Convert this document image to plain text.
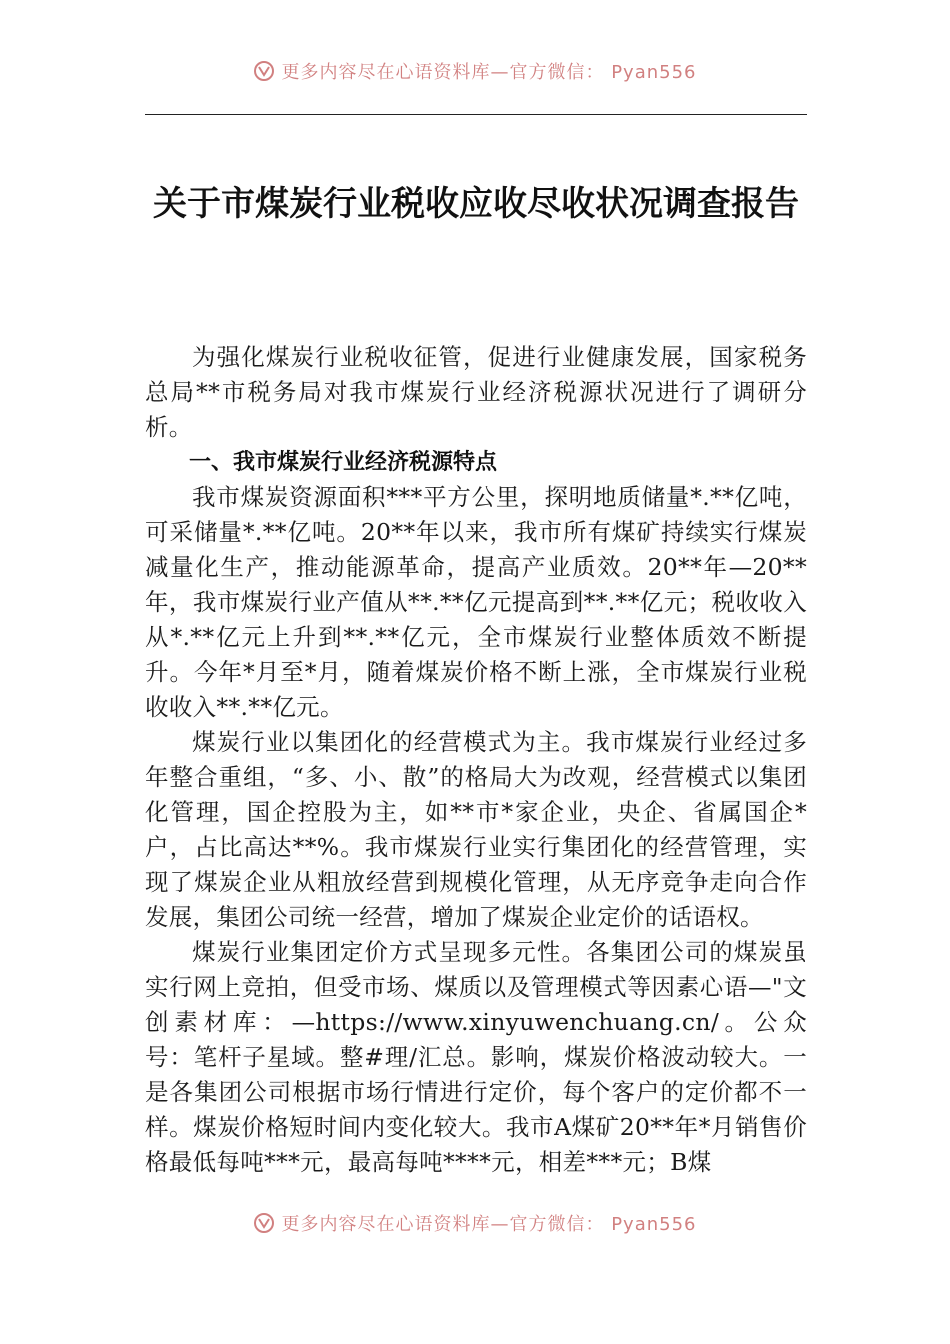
更多内容尽在心语资料库—官方微信： Pyan556
关于市煤炭行业税收应收尽收状况调查报告

为强化煤炭行业税收征管，促进行业健康发展，国家税务总局**市税务局对我市煤炭行业经济税源状况进行了调研分析。

一、我市煤炭行业经济税源特点

我市煤炭资源面积***平方公里，探明地质储量*.**亿吨，可采储量*.**亿吨。20**年以来，我市所有煤矿持续实行煤炭减量化生产，推动能源革命，提高产业质效。20**年—20**年，我市煤炭行业产值从**.**亿元提高到**.**亿元；税收收入从*.**亿元上升到**.**亿元，全市煤炭行业整体质效不断提升。今年*月至*月，随着煤炭价格不断上涨，全市煤炭行业税收收入**.**亿元。

煤炭行业以集团化的经营模式为主。我市煤炭行业经过多年整合重组，“多、小、散”的格局大为改观，经营模式以集团化管理，国企控股为主，如**市*家企业，央企、省属国企*户，占比高达**%。我市煤炭行业实行集团化的经营管理，实现了煤炭企业从粗放经营到规模化管理，从无序竞争走向合作发展，集团公司统一经营，增加了煤炭企业定价的话语权。

煤炭行业集团定价方式呈现多元性。各集团公司的煤炭虽实行网上竞拍，但受市场、煤质以及管理模式等因素心语—"文创素材库：—https://www.xinyuwenchuang.cn/。公众号：笔杆子星域。整#理/汇总。影响，煤炭价格波动较大。一是各集团公司根据市场行情进行定价，每个客户的定价都不一样。煤炭价格短时间内变化较大。我市A煤矿20**年*月销售价格最低每吨***元，最高每吨****元，相差***元；B煤

更多内容尽在心语资料库—官方微信： Pyan556
